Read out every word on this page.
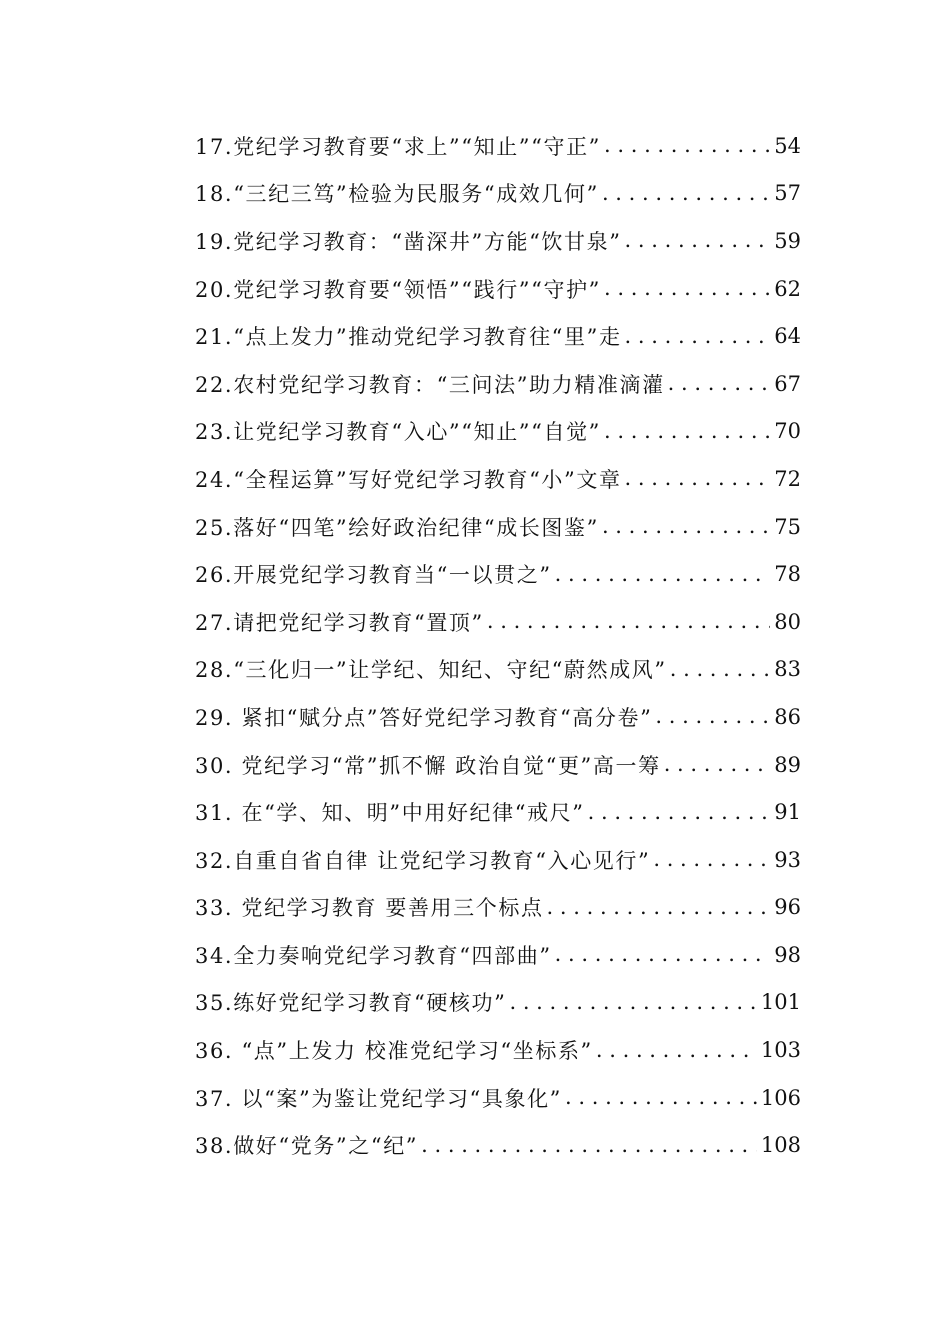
17.党纪学习教育要“求上”“知止”“守正” . . .	54
18.“三纪三笃”检验为民服务“成效几何” . . .	57
19.党纪学习教育：“凿深井”方能“饮甘泉” . . .	59
20.党纪学习教育要“领悟”“践行”“守护” . . .	62
21.“点上发力”推动党纪学习教育往“里”走 . . .	64
22.农村党纪学习教育：“三问法”助力精准滴灌 . . .	67
23.让党纪学习教育“入心”“知止”“自觉” . . .	70
24.“全程运算”写好党纪学习教育“小”文章 . . .	72
25.落好“四笔”绘好政治纪律“成长图鉴” . . .	75
26.开展党纪学习教育当“一以贯之” . . .	78
27.请把党纪学习教育“置顶” . . .	80
28.“三化归一”让学纪、知纪、守纪“蔚然成风” . . .	83
29. 紧扣“赋分点”答好党纪学习教育“高分卷” . . .	86
30. 党纪学习“常”抓不懈 政治自觉“更”高一筹 . . .	89
31. 在“学、知、明”中用好纪律“戒尺” . . .	91
32.自重自省自律 让党纪学习教育“入心见行” . . .	93
33. 党纪学习教育 要善用三个标点 . . .	96
34.全力奏响党纪学习教育“四部曲” . . .	98
35.练好党纪学习教育“硬核功” . . .	101
36. “点”上发力 校准党纪学习“坐标系” . . .	103
37. 以“案”为鉴让党纪学习“具象化” . . .	106
38.做好“党务”之“纪” . . .	108
